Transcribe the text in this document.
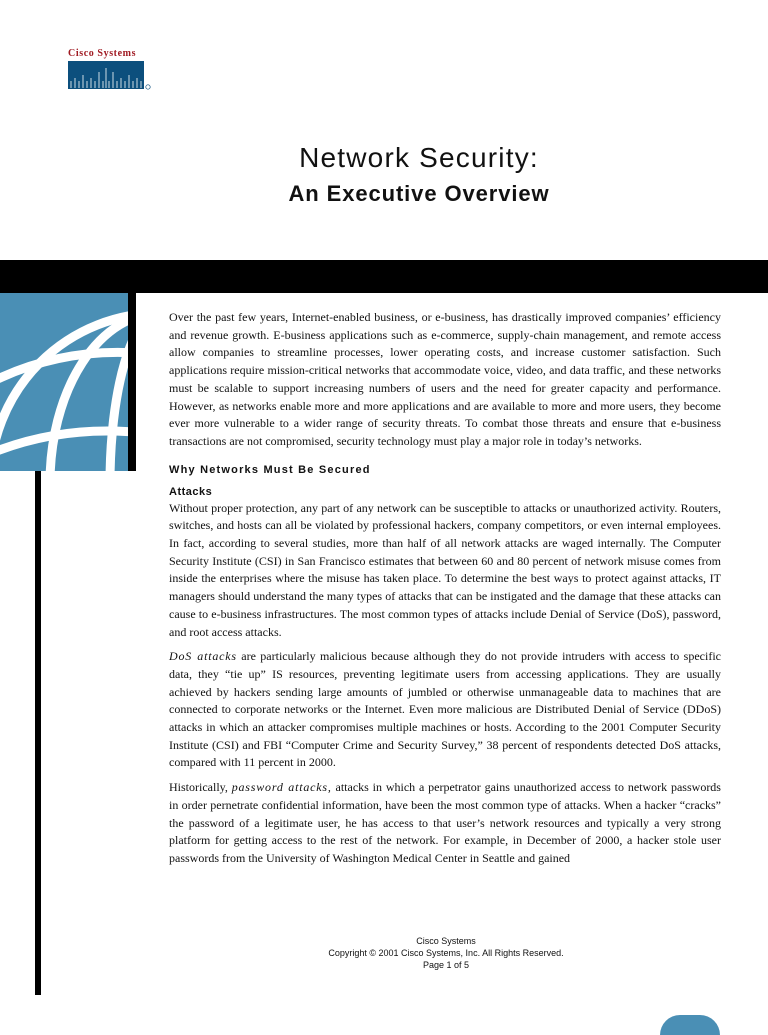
Cisco Systems
Network Security:
An Executive Overview

Over the past few years, Internet-enabled business, or e-business, has drastically improved companies’ efficiency and revenue growth. E-business applications such as e-commerce, supply-chain management, and remote access allow companies to streamline processes, lower operating costs, and increase customer satisfaction. Such applications require mission-critical networks that accommodate voice, video, and data traffic, and these networks must be scalable to support increasing numbers of users and the need for greater capacity and performance. However, as networks enable more and more applications and are available to more and more users, they become ever more vulnerable to a wider range of security threats. To combat those threats and ensure that e-business transactions are not compromised, security technology must play a major role in today’s networks.

Why Networks Must Be Secured
Attacks

Without proper protection, any part of any network can be susceptible to attacks or unauthorized activity. Routers, switches, and hosts can all be violated by professional hackers, company competitors, or even internal employees. In fact, according to several studies, more than half of all network attacks are waged internally. The Computer Security Institute (CSI) in San Francisco estimates that between 60 and 80 percent of network misuse comes from inside the enterprises where the misuse has taken place. To determine the best ways to protect against attacks, IT managers should understand the many types of attacks that can be instigated and the damage that these attacks can cause to e-business infrastructures. The most common types of attacks include Denial of Service (DoS), password, and root access attacks.

DoS attacks are particularly malicious because although they do not provide intruders with access to specific data, they “tie up” IS resources, preventing legitimate users from accessing applications. They are usually achieved by hackers sending large amounts of jumbled or otherwise unmanageable data to machines that are connected to corporate networks or the Internet. Even more malicious are Distributed Denial of Service (DDoS) attacks in which an attacker compromises multiple machines or hosts. According to the 2001 Computer Security Institute (CSI) and FBI “Computer Crime and Security Survey,” 38 percent of respondents detected DoS attacks, compared with 11 percent in 2000.

Historically, password attacks, attacks in which a perpetrator gains unauthorized access to network passwords in order pernetrate confidential information, have been the most common type of attacks. When a hacker “cracks” the password of a legitimate user, he has access to that user’s network resources and typically a very strong platform for getting access to the rest of the network. For example, in December of 2000, a hacker stole user passwords from the University of Washington Medical Center in Seattle and gained

Cisco Systems
Copyright © 2001 Cisco Systems, Inc. All Rights Reserved.
Page 1 of 5
